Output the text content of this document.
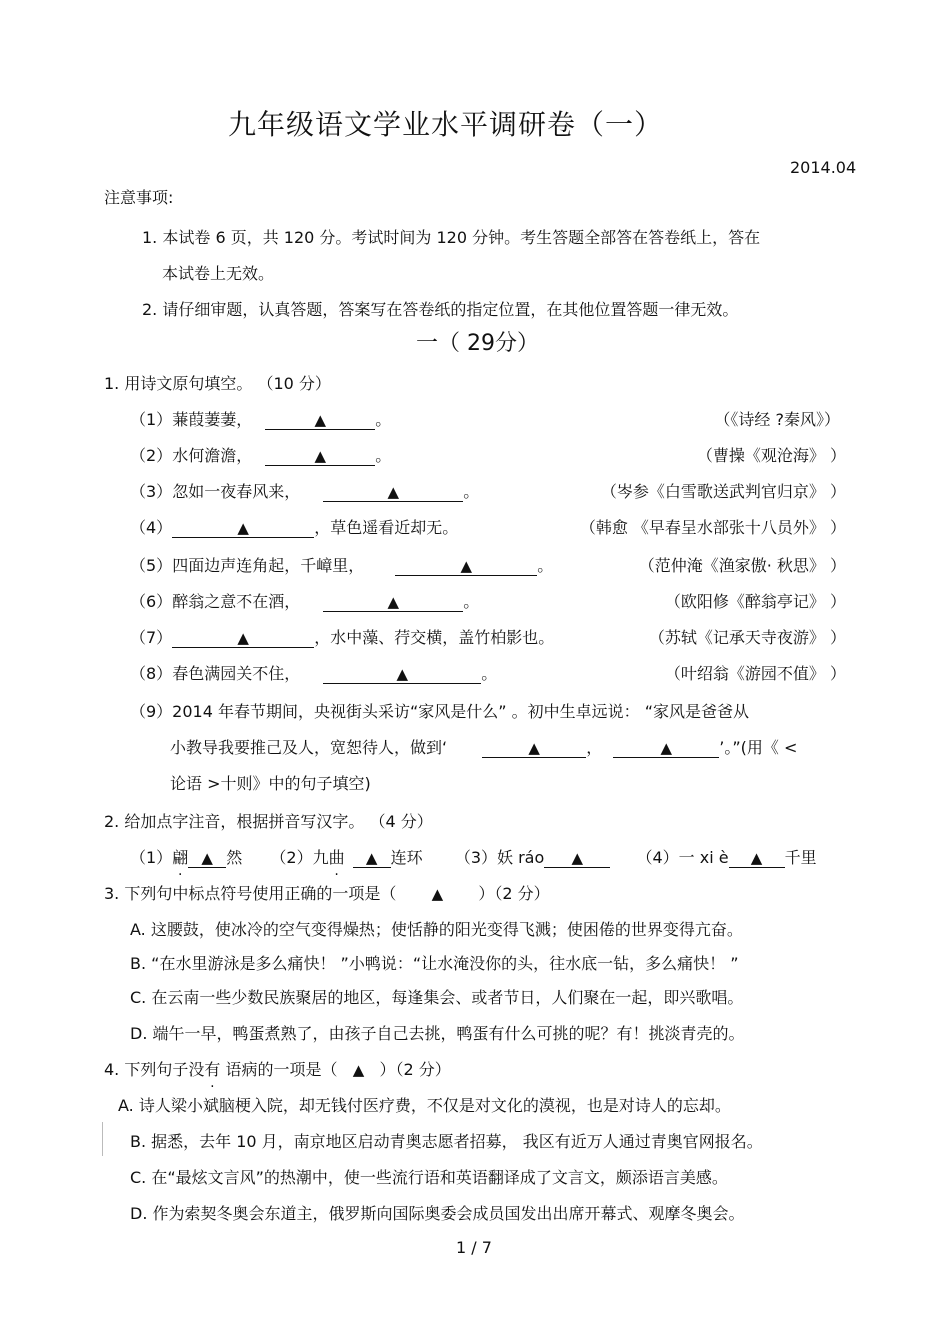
九年级语文学业水平调研卷（一）
2014.04
注意事项:
1. 本试卷 6 页，共 120 分。考试时间为 120 分钟。考生答题全部答在答卷纸上，答在
本试卷上无效。
2. 请仔细审题，认真答题，答案写在答卷纸的指定位置，在其他位置答题一律无效。
一（ 29分）
1. 用诗文原句填空。 （10 分）
（1）蒹葭萋萋，	▲	。	（《诗经 ?秦风》）
（2）水何澹澹，	▲	。	（曹操《观沧海》 ）
（3）忽如一夜春风来，	▲	。	（岑参《白雪歌送武判官归京》 ）
（4）	▲	，草色遥看近却无。	（韩愈 《早春呈水部张十八员外》 ）
（5）四面边声连角起，千嶂里，	▲	。	（范仲淹《渔家傲· 秋思》 ）
（6）醉翁之意不在酒，	▲	。	（欧阳修《醉翁亭记》 ）
（7）	▲	，水中藻、荇交横，盖竹柏影也。	（苏轼《记承天寺夜游》 ）
（8）春色满园关不住，	▲	。	（叶绍翁《游园不值》 ）
（9）2014 年春节期间，央视街头采访“家风是什么” 。初中生卓远说： “家风是爸爸从
小教导我要推己及人，宽恕待人，做到‘	▲	，	▲	’。”(用《 <
论语 >十则》中的句子填空)
2. 给加点字注音，根据拼音写汉字。 （4 分）
（1）翩 ▲ 然 （2）九曲 ▲ 连环 （3）妖 ráo ▲	（4）一 xi è ▲ 千里
3. 下列句中标点符号使用正确的一项是（ ▲ ）（2 分）
A. 这腰鼓，使冰冷的空气变得燥热；使恬静的阳光变得飞溅；使困倦的世界变得亢奋。
B. “在水里游泳是多么痛快！ ”小鸭说：“让水淹没你的头，往水底一钻，多么痛快！ ”
C. 在云南一些少数民族聚居的地区，每逢集会、或者节日，人们聚在一起，即兴歌唱。
D. 端午一早，鸭蛋煮熟了，由孩子自己去挑，鸭蛋有什么可挑的呢？有！挑淡青壳的。
4. 下列句子没有 语病的一项是（ ▲ ）（2 分）
A. 诗人梁小斌脑梗入院，却无钱付医疗费，不仅是对文化的漠视，也是对诗人的忘却。
B. 据悉，去年 10 月，南京地区启动青奥志愿者招募， 我区有近万人通过青奥官网报名。
C. 在“最炫文言风”的热潮中，使一些流行语和英语翻译成了文言文，颇添语言美感。
D. 作为索契冬奥会东道主，俄罗斯向国际奥委会成员国发出出席开幕式、观摩冬奥会。
1 / 7
